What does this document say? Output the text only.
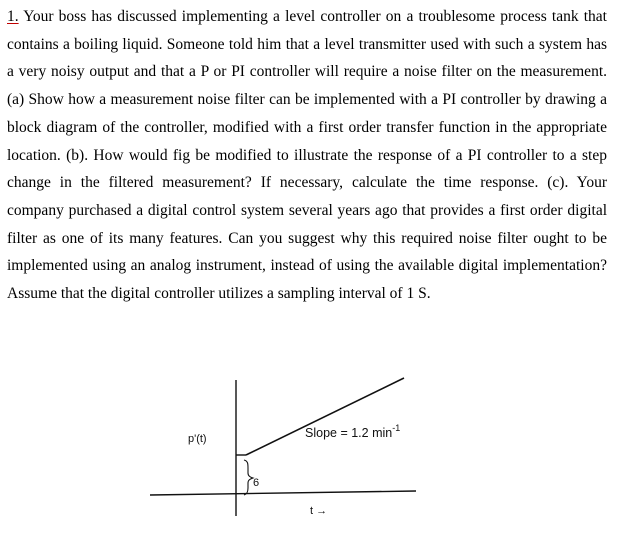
1. Your boss has discussed implementing a level controller on a troublesome process tank that contains a boiling liquid. Someone told him that a level transmitter used with such a system has a very noisy output and that a P or PI controller will require a noise filter on the measurement. (a) Show how a measurement noise filter can be implemented with a PI controller by drawing a block diagram of the controller, modified with a first order transfer function in the appropriate location. (b). How would fig be modified to illustrate the response of a PI controller to a step change in the filtered measurement? If necessary, calculate the time response. (c). Your company purchased a digital control system several years ago that provides a first order digital filter as one of its many features. Can you suggest why this required noise filter ought to be implemented using an analog instrument, instead of using the available digital implementation? Assume that the digital controller utilizes a sampling interval of 1 S.

p'(t)	Slope = 1.2 $\min^{-1}$
6
t →
